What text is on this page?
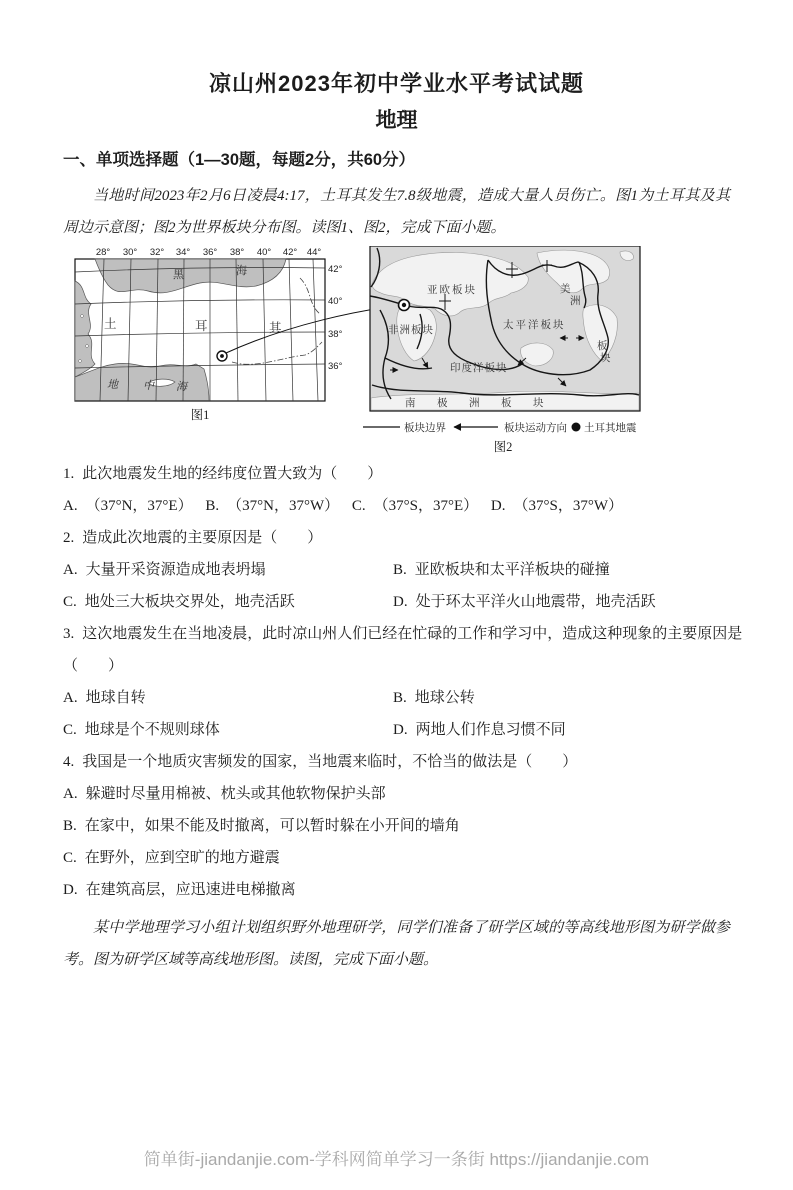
凉山州2023年初中学业水平考试试题
地理
一、单项选择题（1—30题，每题2分，共60分）
当地时间2023年2月6日凌晨4:17，土耳其发生7.8级地震，造成大量人员伤亡。图1为土耳其及其周边示意图；图2为世界板块分布图。读图1、图2，完成下面小题。
28° 30° 32° 34° 36° 38° 40° 42° 44°
42°
40°
38°
36°
黑	海
土	耳	其
地 中 海
图1
亚欧板块	美
洲
非洲板块	太平洋板块
板
块
印度洋板块
南 极 洲 板 块
板块边界	板块运动方向 土耳其地震
图2
1. 此次地震发生地的经纬度位置大致为（　　）
A. （37°N，37°E） B. （37°N，37°W） C. （37°S，37°E） D. （37°S，37°W）
2. 造成此次地震的主要原因是（　　）
A. 大量开采资源造成地表坍塌	B. 亚欧板块和太平洋板块的碰撞
C. 地处三大板块交界处，地壳活跃	D. 处于环太平洋火山地震带，地壳活跃
3. 这次地震发生在当地凌晨，此时凉山州人们已经在忙碌的工作和学习中，造成这种现象的主要原因是
（　　）
A. 地球自转	B. 地球公转
C. 地球是个不规则球体	D. 两地人们作息习惯不同
4. 我国是一个地质灾害频发的国家，当地震来临时，不恰当的做法是（　　）
A. 躲避时尽量用棉被、枕头或其他软物保护头部
B. 在家中，如果不能及时撤离，可以暂时躲在小开间的墙角
C. 在野外，应到空旷的地方避震
D. 在建筑高层，应迅速进电梯撤离
某中学地理学习小组计划组织野外地理研学，同学们准备了研学区域的等高线地形图为研学做参考。图为研学区域等高线地形图。读图，完成下面小题。
简单街-jiandanjie.com-学科网简单学习一条街 https://jiandanjie.com
